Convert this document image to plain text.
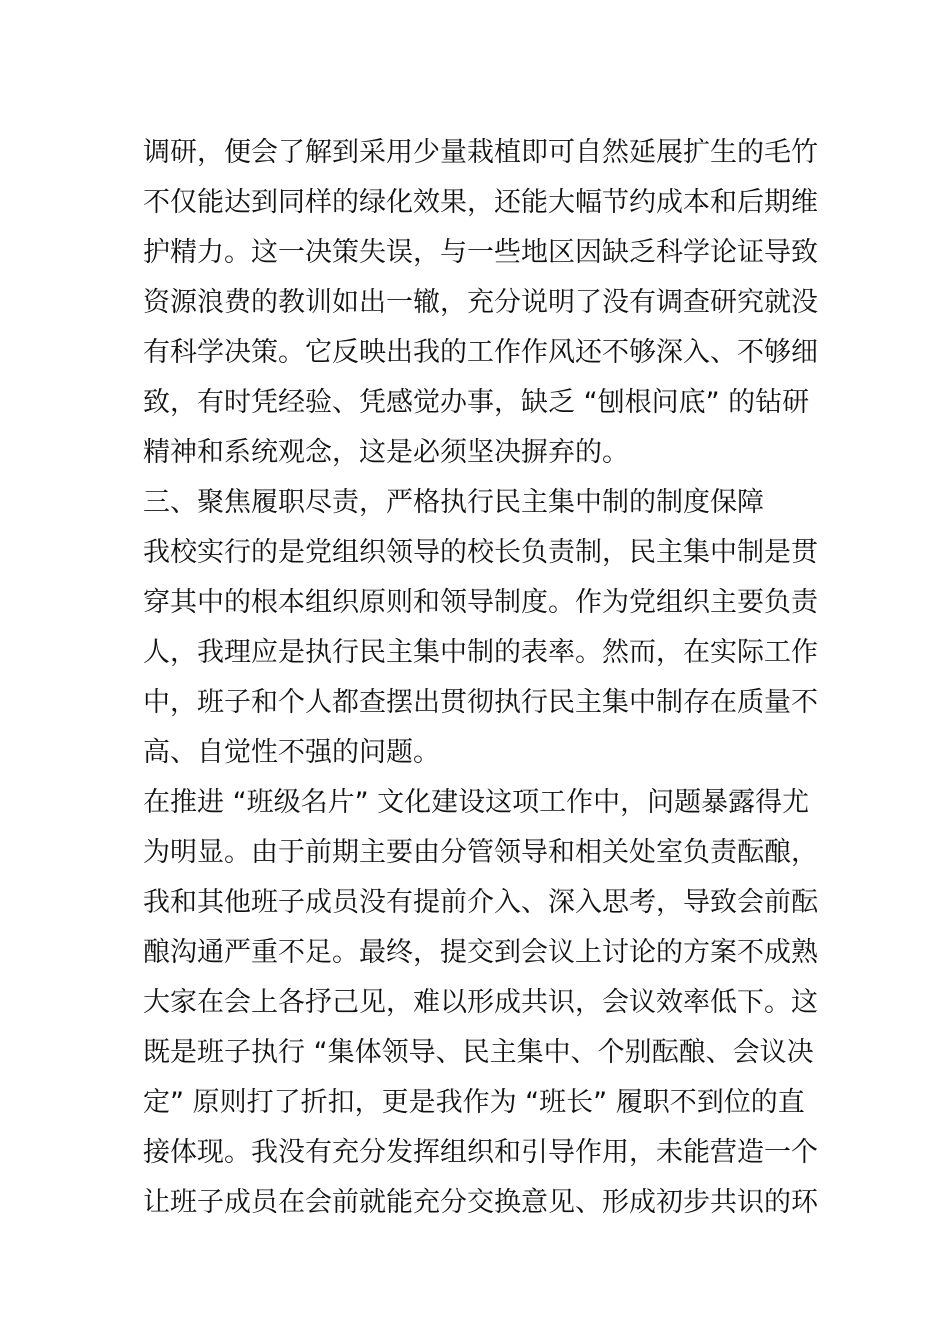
调研，便会了解到采用少量栽植即可自然延展扩生的毛竹
不仅能达到同样的绿化效果，还能大幅节约成本和后期维
护精力。这一决策失误，与一些地区因缺乏科学论证导致
资源浪费的教训如出一辙，充分说明了没有调查研究就没
有科学决策。它反映出我的工作作风还不够深入、不够细
致，有时凭经验、凭感觉办事，缺乏 “刨根问底” 的钻研
精神和系统观念，这是必须坚决摒弃的。
三、聚焦履职尽责，严格执行民主集中制的制度保障
我校实行的是党组织领导的校长负责制，民主集中制是贯
穿其中的根本组织原则和领导制度。作为党组织主要负责
人，我理应是执行民主集中制的表率。然而，在实际工作
中，班子和个人都查摆出贯彻执行民主集中制存在质量不
高、自觉性不强的问题。
在推进 “班级名片” 文化建设这项工作中，问题暴露得尤
为明显。由于前期主要由分管领导和相关处室负责酝酿，
我和其他班子成员没有提前介入、深入思考，导致会前酝
酿沟通严重不足。最终，提交到会议上讨论的方案不成熟
大家在会上各抒己见，难以形成共识，会议效率低下。这
既是班子执行 “集体领导、民主集中、个别酝酿、会议决
定” 原则打了折扣，更是我作为 “班长” 履职不到位的直
接体现。我没有充分发挥组织和引导作用，未能营造一个
让班子成员在会前就能充分交换意见、形成初步共识的环
